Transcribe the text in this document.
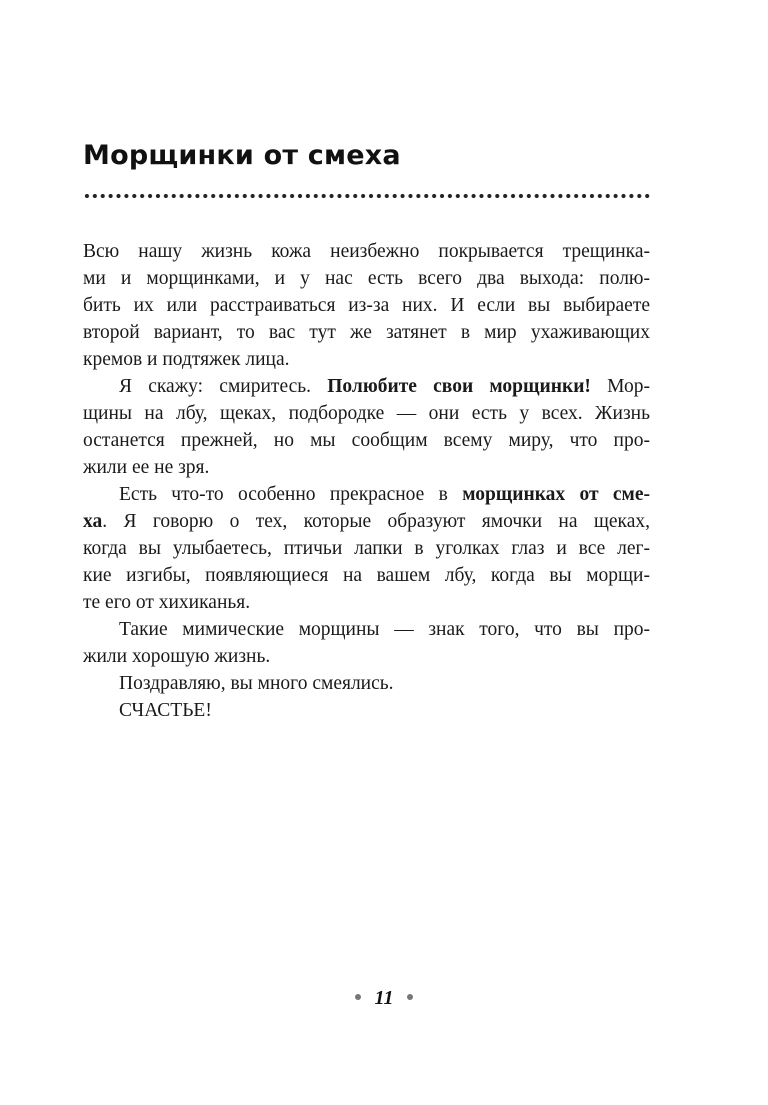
Морщинки от смеха
Всю нашу жизнь кожа неизбежно покрывается трещинка-
ми и морщинками, и у нас есть всего два выхода: полю-
бить их или расстраиваться из-за них. И если вы выбираете
второй вариант, то вас тут же затянет в мир ухаживающих
кремов и подтяжек лица.
Я скажу: смиритесь. Полюбите свои морщинки! Мор-
щины на лбу, щеках, подбородке — они есть у всех. Жизнь
останется прежней, но мы сообщим всему миру, что про-
жили ее не зря.
Есть что-то особенно прекрасное в морщинках от сме-
ха. Я говорю о тех, которые образуют ямочки на щеках,
когда вы улыбаетесь, птичьи лапки в уголках глаз и все лег-
кие изгибы, появляющиеся на вашем лбу, когда вы морщи-
те его от хихиканья.
Такие мимические морщины — знак того, что вы про-
жили хорошую жизнь.
Поздравляю, вы много смеялись.
СЧАСТЬЕ!
11
